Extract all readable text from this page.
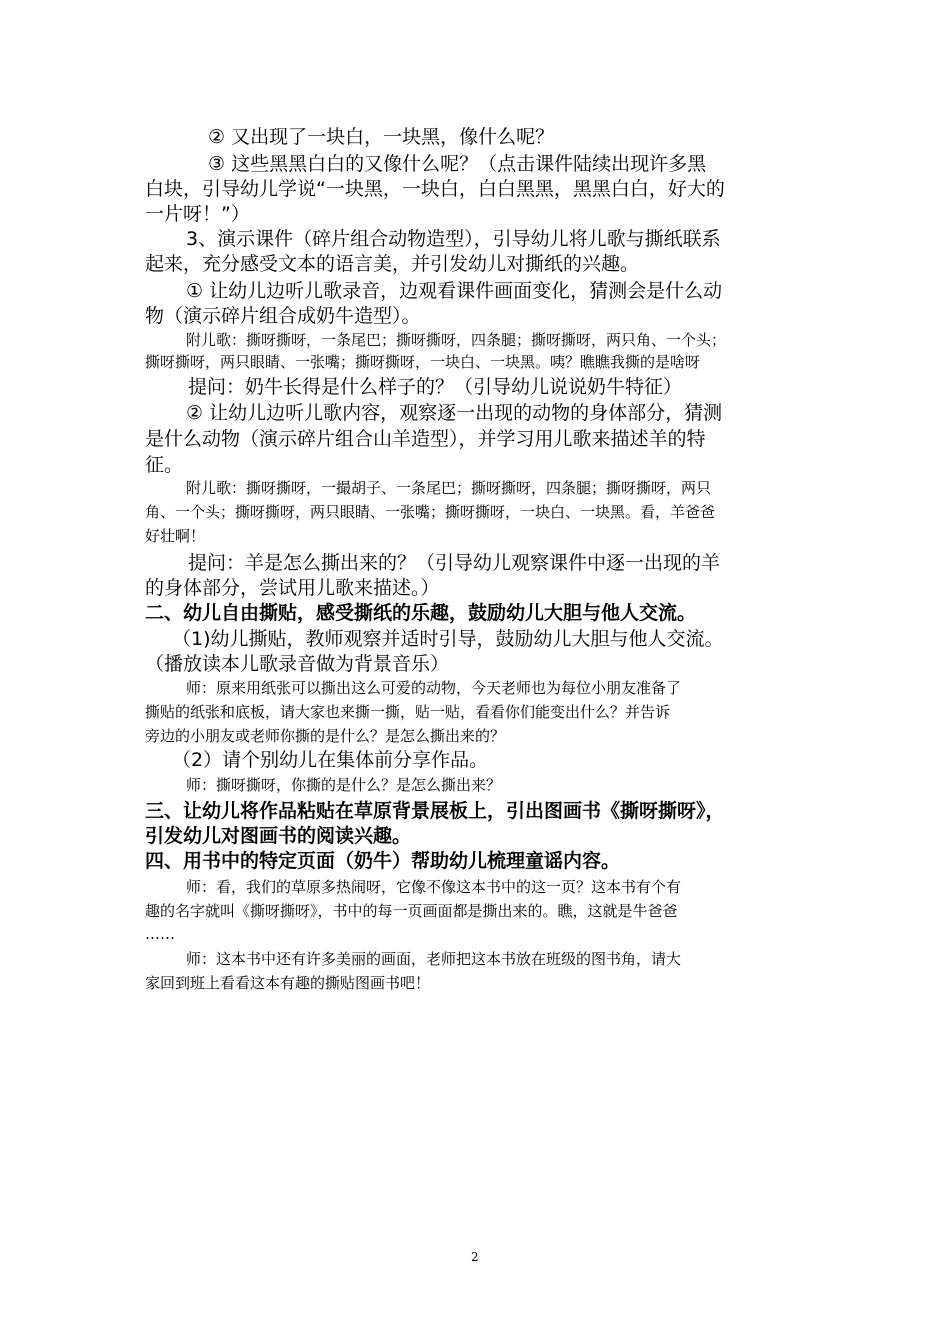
② 又出现了一块白，一块黑，像什么呢？
③ 这些黑黑白白的又像什么呢？（点击课件陆续出现许多黑
白块，引导幼儿学说“一块黑，一块白，白白黑黑，黑黑白白，好大的
一片呀！”）
3、演示课件（碎片组合动物造型），引导幼儿将儿歌与撕纸联系
起来，充分感受文本的语言美，并引发幼儿对撕纸的兴趣。
① 让幼儿边听儿歌录音，边观看课件画面变化，猜测会是什么动
物（演示碎片组合成奶牛造型）。
附儿歌：撕呀撕呀，一条尾巴；撕呀撕呀，四条腿；撕呀撕呀，两只角、一个头；
撕呀撕呀，两只眼睛、一张嘴；撕呀撕呀，一块白、一块黑。咦？瞧瞧我撕的是啥呀
提问：奶牛长得是什么样子的？（引导幼儿说说奶牛特征）
② 让幼儿边听儿歌内容，观察逐一出现的动物的身体部分，猜测
是什么动物（演示碎片组合山羊造型），并学习用儿歌来描述羊的特
征。
附儿歌：撕呀撕呀，一撮胡子、一条尾巴；撕呀撕呀，四条腿；撕呀撕呀，两只
角、一个头；撕呀撕呀，两只眼睛、一张嘴；撕呀撕呀，一块白、一块黑。看，羊爸爸
好壮啊！
提问：羊是怎么撕出来的？（引导幼儿观察课件中逐一出现的羊
的身体部分，尝试用儿歌来描述。）
二、幼儿自由撕贴，感受撕纸的乐趣，鼓励幼儿大胆与他人交流。
（1)幼儿撕贴，教师观察并适时引导，鼓励幼儿大胆与他人交流。
（播放读本儿歌录音做为背景音乐）
师：原来用纸张可以撕出这么可爱的动物，今天老师也为每位小朋友准备了
撕贴的纸张和底板，请大家也来撕一撕，贴一贴，看看你们能变出什么？并告诉
旁边的小朋友或老师你撕的是什么？是怎么撕出来的？
（2）请个别幼儿在集体前分享作品。
师：撕呀撕呀，你撕的是什么？是怎么撕出来？
三、让幼儿将作品粘贴在草原背景展板上，引出图画书《撕呀撕呀》，
引发幼儿对图画书的阅读兴趣。
四、用书中的特定页面（奶牛）帮助幼儿梳理童谣内容。
师：看，我们的草原多热闹呀，它像不像这本书中的这一页？这本书有个有
趣的名字就叫《撕呀撕呀》，书中的每一页画面都是撕出来的。瞧，这就是牛爸爸
……
师：这本书中还有许多美丽的画面，老师把这本书放在班级的图书角，请大
家回到班上看看这本有趣的撕贴图画书吧！
2
